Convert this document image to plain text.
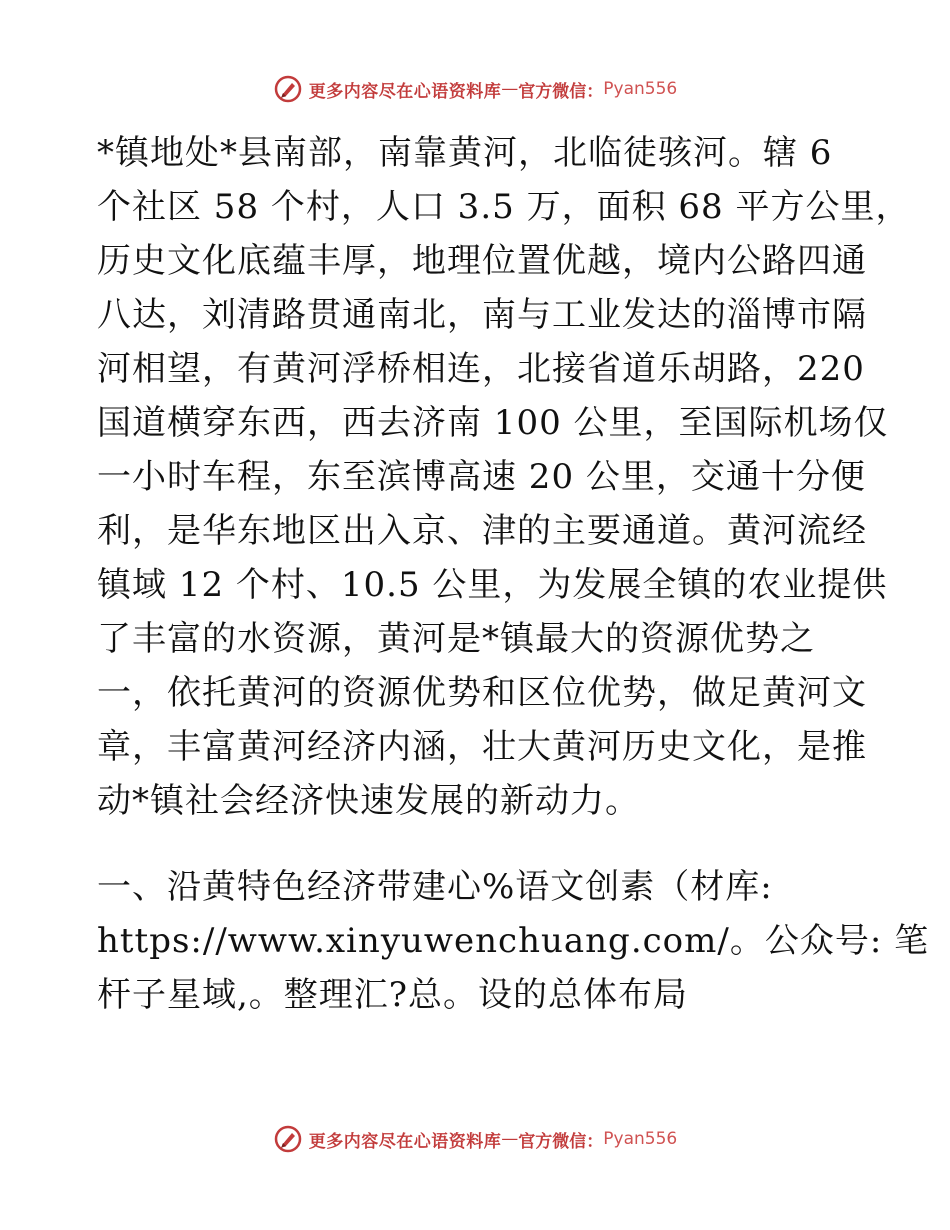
更多内容尽在心语资料库 — 官方微信： Pyan556
*镇地处*县南部，南靠黄河，北临徒骇河。辖 6
个社区 58 个村，人口 3.5 万，面积 68 平方公里，
历史文化底蕴丰厚，地理位置优越，境内公路四通
八达，刘清路贯通南北，南与工业发达的淄博市隔
河相望，有黄河浮桥相连，北接省道乐胡路，220
国道横穿东西，西去济南 100 公里，至国际机场仅
一小时车程，东至滨博高速 20 公里，交通十分便
利，是华东地区出入京、津的主要通道。黄河流经
镇域 12 个村、10.5 公里，为发展全镇的农业提供
了丰富的水资源，黄河是*镇最大的资源优势之
一，依托黄河的资源优势和区位优势，做足黄河文
章，丰富黄河经济内涵，壮大黄河历史文化，是推
动*镇社会经济快速发展的新动力。
一、沿黄特色经济带建心%语文创素（材库:
https://www.xinyuwenchuang.com/。公众号: 笔
杆子星域,。整理汇?总。设的总体布局
更多内容尽在心语资料库 — 官方微信： Pyan556
